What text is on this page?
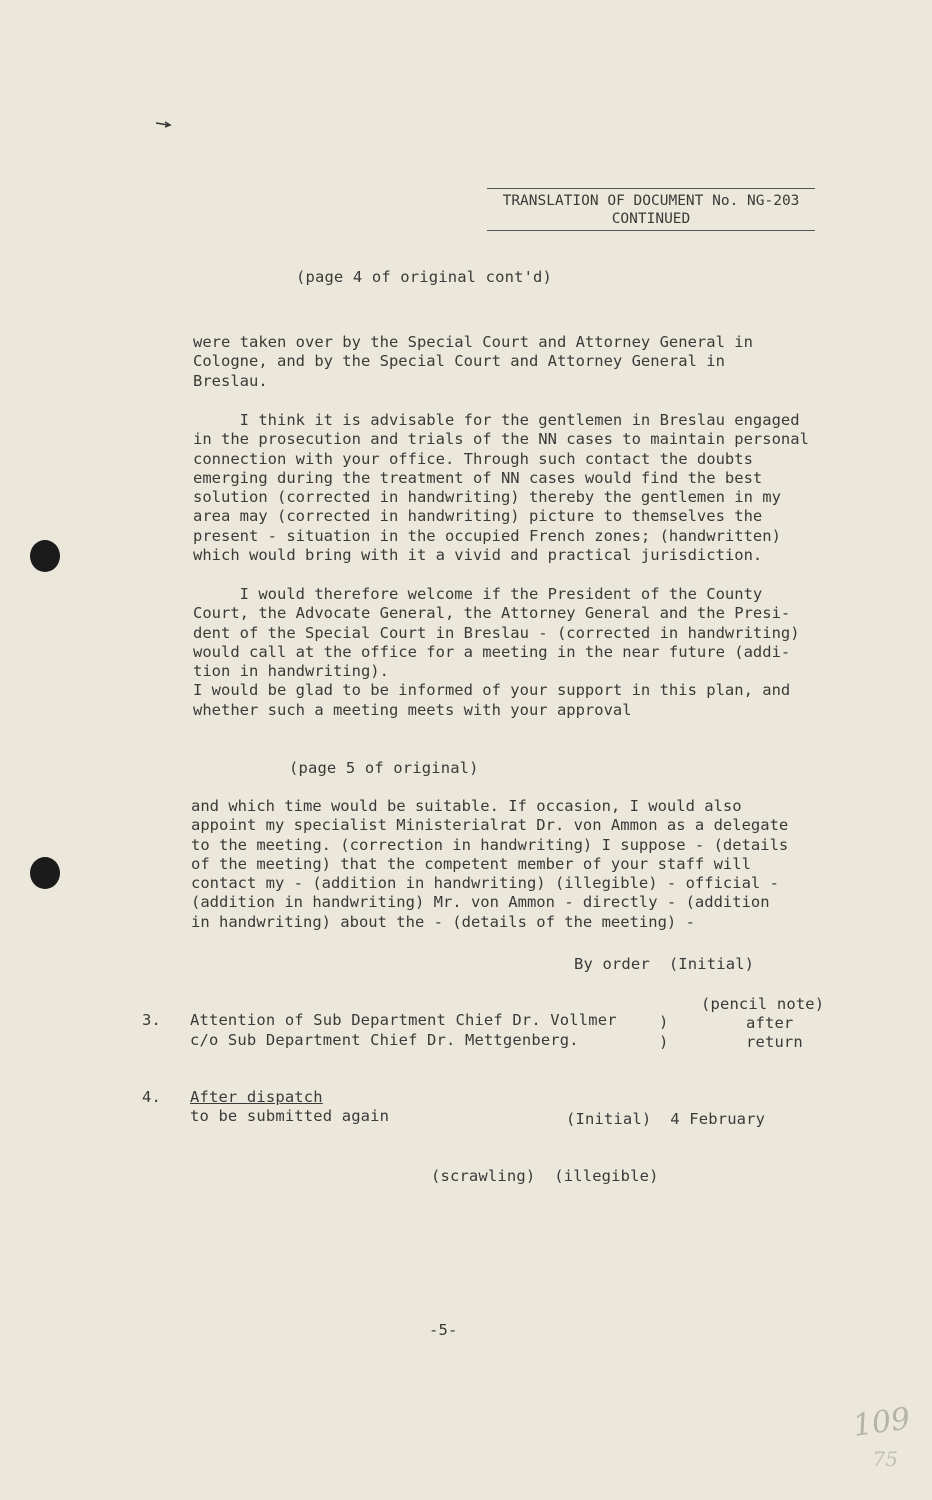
TRANSLATION OF DOCUMENT No. NG-203
CONTINUED
(page 4 of original cont'd)
were taken over by the Special Court and Attorney General in
Cologne, and by the Special Court and Attorney General in
Breslau.
I think it is advisable for the gentlemen in Breslau engaged
in the prosecution and trials of the NN cases to maintain personal
connection with your office. Through such contact the doubts
emerging during the treatment of NN cases would find the best
solution (corrected in handwriting) thereby the gentlemen in my
area may (corrected in handwriting) picture to themselves the
present - situation in the occupied French zones; (handwritten)
which would bring with it a vivid and practical jurisdiction.
I would therefore welcome if the President of the County
Court, the Advocate General, the Attorney General and the Presi-
dent of the Special Court in Breslau - (corrected in handwriting)
would call at the office for a meeting in the near future (addi-
tion in handwriting).
I would be glad to be informed of your support in this plan, and
whether such a meeting meets with your approval
(page 5 of original)
and which time would be suitable. If occasion, I would also
appoint my specialist Ministerialrat Dr. von Ammon as a delegate
to the meeting. (correction in handwriting) I suppose - (details
of the meeting) that the competent member of your staff will
contact my - (addition in handwriting) (illegible) - official -
(addition in handwriting) Mr. von Ammon - directly - (addition
in handwriting) about the - (details of the meeting) -
By order  (Initial)
3. Attention of Sub Department Chief Dr. Vollmer
c/o Sub Department Chief Dr. Mettgenberg.
)
)
(pencil note)
after
return
4. After dispatch
to be submitted again	(Initial)  4 February
(scrawling)  (illegible)
-5-
109
75
